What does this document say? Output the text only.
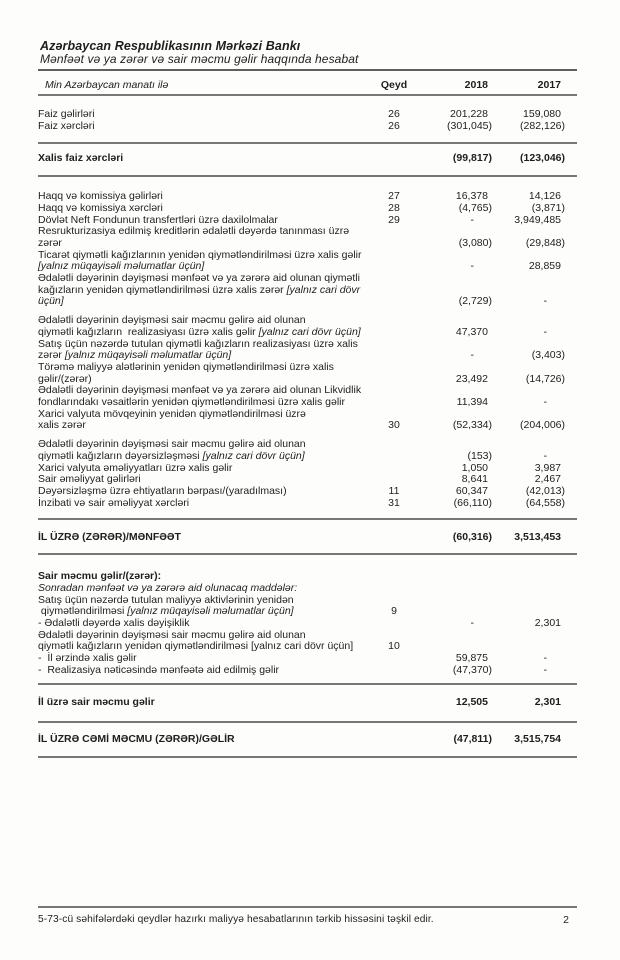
Azərbaycan Respublikasının Mərkəzi Bankı
Mənfəət və ya zərər və sair məcmu gəlir haqqında hesabat
Min Azərbaycan manatı ilə	Qeyd	2018	2017
Faiz gəlirləri	26	201,228	159,080
Faiz xərcləri	26	(301,045)	(282,126)
Xalis faiz xərcləri	(99,817)	(123,046)
Haqq və komissiya gəlirləri	27	16,378	14,126
Haqq və komissiya xərcləri	28	(4,765)	(3,871)
Dövlət Neft Fondunun transfertləri üzrə daxilolmalar	29	-	3,949,485
Resrukturizasiya edilmiş kreditlərin ədalətli dəyərdə tanınması üzrə
zərər	(3,080)	(29,848)
Ticarət qiymətli kağızlarının yenidən qiymətləndirilməsi üzrə xalis gəlir
[yalnız müqayisəli məlumatlar üçün]	-	28,859
Ədalətli dəyərinin dəyişməsi mənfəət və ya zərərə aid olunan qiymətli
kağızların yenidən qiymətləndirilməsi üzrə xalis zərər [yalnız cari dövr
üçün]	(2,729)	-
Ədalətli dəyərinin dəyişməsi sair məcmu gəlirə aid olunan
qiymətli kağızların  realizasiyası üzrə xalis gəlir [yalnız cari dövr üçün]	47,370	-
Satış üçün nəzərdə tutulan qiymətli kağızların realizasiyası üzrə xalis
zərər [yalnız müqayisəli məlumatlar üçün]	-	(3,403)
Törəmə maliyyə alətlərinin yenidən qiymətləndirilməsi üzrə xalis
gəlir/(zərər)	23,492	(14,726)
Ədalətli dəyərinin dəyişməsi mənfəət və ya zərərə aid olunan Likvidlik
fondlarındakı vəsaitlərin yenidən qiymətləndirilməsi üzrə xalis gəlir	11,394	-
Xarici valyuta mövqeyinin yenidən qiymətləndirilməsi üzrə
xalis zərər	30	(52,334)	(204,006)
Ədalətli dəyərinin dəyişməsi sair məcmu gəlirə aid olunan
qiymətli kağızların dəyərsizləşməsi [yalnız cari dövr üçün]	(153)	-
Xarici valyuta əməliyyatları üzrə xalis gəlir	1,050	3,987
Sair əməliyyat gəlirləri	8,641	2,467
Dəyərsizləşmə üzrə ehtiyatların bərpası/(yaradılması)	11	60,347	(42,013)
İnzibati və sair əməliyyat xərcləri	31	(66,110)	(64,558)
İL ÜZRƏ (ZƏRƏR)/MƏNFƏƏT	(60,316)	3,513,453
Sair məcmu gəlir/(zərər):
Sonradan mənfəət və ya zərərə aid olunacaq maddələr:
Satış üçün nəzərdə tutulan maliyyə aktivlərinin yenidən
qiymətləndirilməsi [yalnız müqayisəli məlumatlar üçün]	9
- Ədalətli dəyərdə xalis dəyişiklik	-	2,301
Ədalətli dəyərinin dəyişməsi sair məcmu gəlirə aid olunan
qiymətli kağızların yenidən qiymətləndirilməsi [yalnız cari dövr üçün]	10
-  İl ərzində xalis gəlir	59,875	-
-  Realizasiya nəticəsində mənfəətə aid edilmiş gəlir	(47,370)	-
İl üzrə sair məcmu gəlir	12,505	2,301
İL ÜZRƏ CƏMİ MƏCMU (ZƏRƏR)/GƏLİR	(47,811)	3,515,754
5-73-cü səhifələrdəki qeydlər hazırkı maliyyə hesabatlarının tərkib hissəsini təşkil edir.	2
